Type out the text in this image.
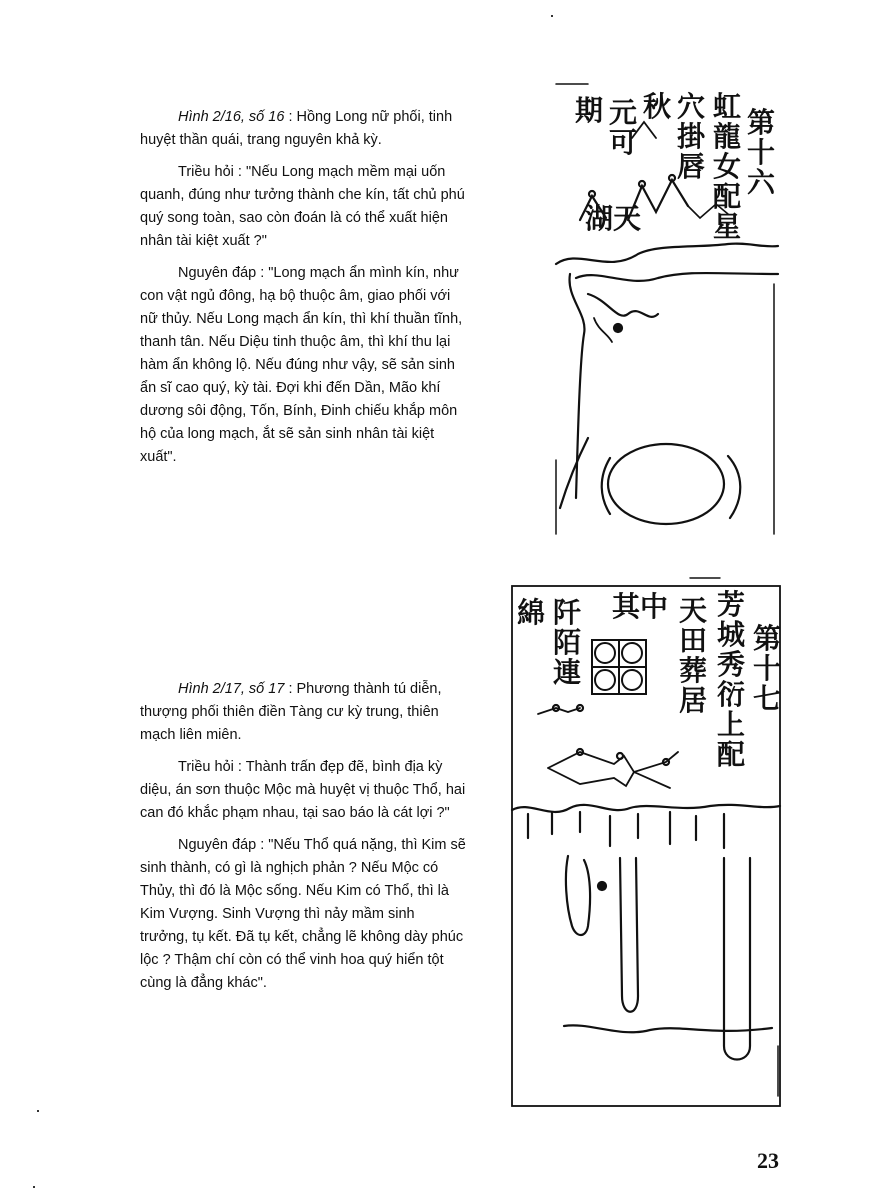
Hình 2/16, số 16 : Hồng Long nữ phối, tinh huyệt thần quái, trang nguyên khả kỳ.

Triều hỏi : "Nếu Long mạch mềm mại uốn quanh, đúng như tưởng thành che kín, tất chủ phú quý song toàn, sao còn đoán là có thể xuất hiện nhân tài kiệt xuất ?"

Nguyên đáp : "Long mạch ẩn mình kín, như con vật ngủ đông, hạ bộ thuộc âm, giao phối với nữ thủy. Nếu Long mạch ẩn kín, thì khí thuần tĩnh, thanh tân. Nếu Diệu tinh thuộc âm, thì khí thu lại hàm ẩn không lộ. Nếu đúng như vậy, sẽ sản sinh ẩn sĩ cao quý, kỳ tài. Đợi khi đến Dần, Mão khí dương sôi động, Tốn, Bính, Đinh chiếu khắp môn hộ của long mạch, ắt sẽ sản sinh nhân tài kiệt xuất".

Hình 2/17, số 17 : Phương thành tú diễn, thượng phối thiên điền Tàng cư kỳ trung, thiên mạch liên miên.

Triều hỏi : Thành trấn đẹp đẽ, bình địa kỳ diệu, án sơn thuộc Mộc mà huyệt vị thuộc Thổ, hai can đó khắc phạm nhau, tại sao báo là cát lợi ?"

Nguyên đáp : "Nếu Thổ quá nặng, thì Kim sẽ sinh thành, có gì là nghịch phản ? Nếu Mộc có Thủy, thì đó là Mộc sống. Nếu Kim có Thổ, thì là Kim Vượng. Sinh Vượng thì nảy mầm sinh trưởng, tụ kết. Đã tụ kết, chẳng lẽ không dày phúc lộc ? Thậm chí còn có thể vinh hoa quý hiển tột cùng là đẳng khác".

第十六
虹龍女配星
穴掛唇
秋
元可
期
湖天
第十七
芳城秀衍上配
天田葬居
其中
阡陌連
綿
23
